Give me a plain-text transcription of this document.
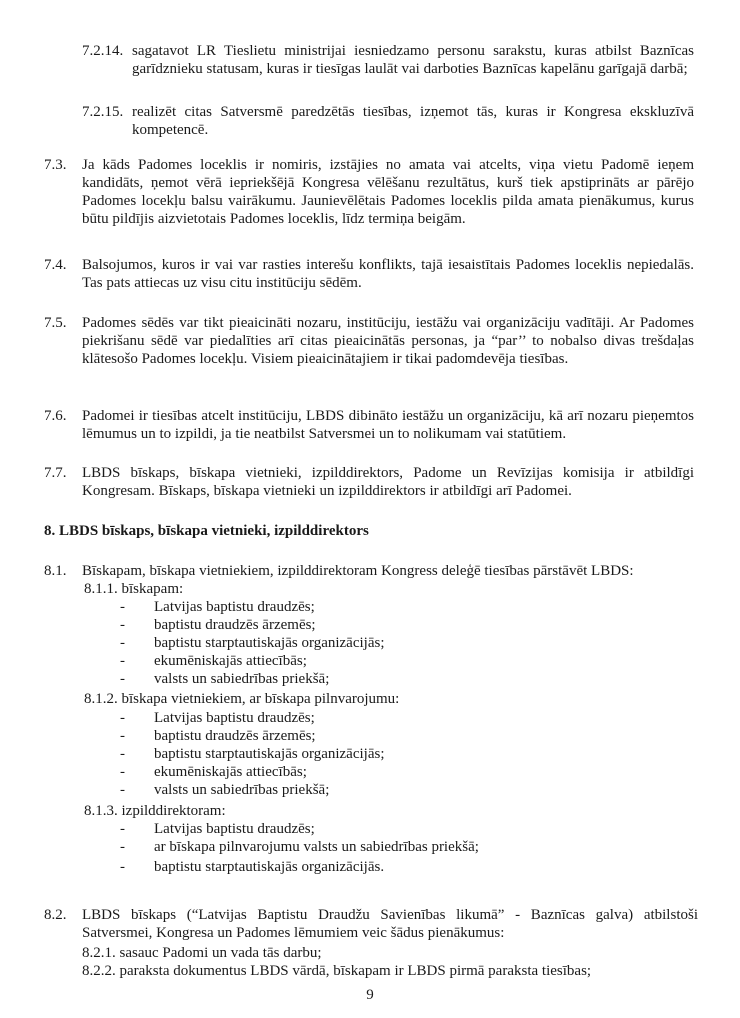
7.2.14. sagatavot LR Tieslietu ministrijai iesniedzamo personu sarakstu, kuras atbilst Baznīcas garīdznieku statusam, kuras ir tiesīgas laulāt vai darboties Baznīcas kapelānu garīgajā darbā;
7.2.15. realizēt citas Satversmē paredzētās tiesības, izņemot tās, kuras ir Kongresa ekskluzīvā kompetencē.
7.3. Ja kāds Padomes loceklis ir nomiris, izstājies no amata vai atcelts, viņa vietu Padomē ieņem kandidāts, ņemot vērā iepriekšējā Kongresa vēlēšanu rezultātus, kurš tiek apstiprināts ar pārējo Padomes locekļu balsu vairākumu. Jaunievēlētais Padomes loceklis pilda amata pienākumus, kurus būtu pildījis aizvietotais Padomes loceklis, līdz termiņa beigām.
7.4. Balsojumos, kuros ir vai var rasties interešu konflikts, tajā iesaistītais Padomes loceklis nepiedalās. Tas pats attiecas uz visu citu institūciju sēdēm.
7.5. Padomes sēdēs var tikt pieaicināti nozaru, institūciju, iestāžu vai organizāciju vadītāji. Ar Padomes piekrišanu sēdē var piedalīties arī citas pieaicinātās personas, ja “par’’ to nobalso divas trešdaļas klātesošo Padomes locekļu. Visiem pieaicinātajiem ir tikai padomdevēja tiesības.
7.6. Padomei ir tiesības atcelt institūciju, LBDS dibināto iestāžu un organizāciju, kā arī nozaru pieņemtos lēmumus un to izpildi, ja tie neatbilst Satversmei un to nolikumam vai statūtiem.
7.7. LBDS bīskaps, bīskapa vietnieki, izpilddirektors, Padome un Revīzijas komisija ir atbildīgi Kongresam. Bīskaps, bīskapa vietnieki un izpilddirektors ir atbildīgi arī Padomei.
8. LBDS bīskaps, bīskapa vietnieki, izpilddirektors
8.1. Bīskapam, bīskapa vietniekiem, izpilddirektoram Kongress deleģē tiesības pārstāvēt LBDS:
8.1.1. bīskapam:
- Latvijas baptistu draudzēs;
- baptistu draudzēs ārzemēs;
- baptistu starptautiskajās organizācijās;
- ekumēniskajās attiecībās;
- valsts un sabiedrības priekšā;
8.1.2. bīskapa vietniekiem, ar bīskapa pilnvarojumu:
- Latvijas baptistu draudzēs;
- baptistu draudzēs ārzemēs;
- baptistu starptautiskajās organizācijās;
- ekumēniskajās attiecībās;
- valsts un sabiedrības priekšā;
8.1.3. izpilddirektoram:
- Latvijas baptistu draudzēs;
- ar bīskapa pilnvarojumu valsts un sabiedrības priekšā;
- baptistu starptautiskajās organizācijās.
8.2. LBDS bīskaps (“Latvijas Baptistu Draudžu Savienības likumā” - Baznīcas galva) atbilstoši Satversmei, Kongresa un Padomes lēmumiem veic šādus pienākumus:
8.2.1. sasauc Padomi un vada tās darbu;
8.2.2. paraksta dokumentus LBDS vārdā, bīskapam ir LBDS pirmā paraksta tiesības;
9
